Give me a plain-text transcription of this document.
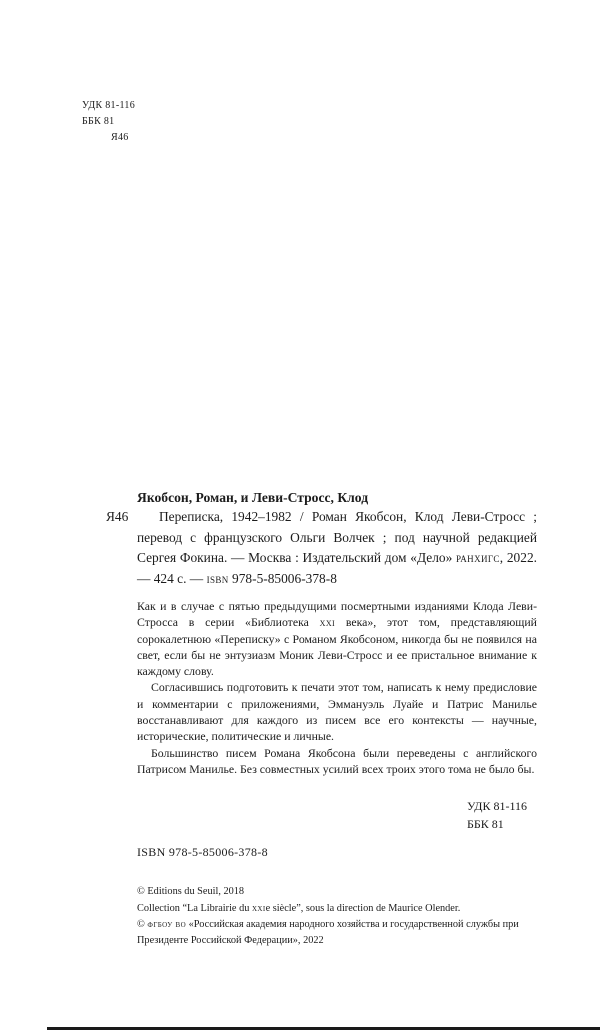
УДК 81-116
ББК 81
Я46

Якобсон, Роман, и Леви-Стросс, Клод

Я46 Переписка, 1942–1982 / Роман Якобсон, Клод Леви-Стросс ; перевод с французского Ольги Волчек ; под научной редакцией Сергея Фокина. — Москва : Издательский дом «Дело» ранхигс, 2022. — 424 с. — isbn 978-5-85006-378-8

Как и в случае с пятью предыдущими посмертными изданиями Клода Леви-Стросса в серии «Библиотека xxi века», этот том, представляющий сорокалетнюю «Переписку» с Романом Якобсоном, никогда бы не появился на свет, если бы не энтузиазм Моник Леви-Стросс и ее пристальное внимание к каждому слову.

Согласившись подготовить к печати этот том, написать к нему предисловие и комментарии с приложениями, Эммануэль Луайе и Патрис Манилье восстанавливают для каждого из писем все его контексты — научные, исторические, политические и личные.

Большинство писем Романа Якобсона были переведены с английского Патрисом Манилье. Без совместных усилий всех троих этого тома не было бы.

УДК 81-116
ББК 81
ISBN 978-5-85006-378-8
© Editions du Seuil, 2018
Collection “La Librairie du xxie siècle”, sous la direction de Maurice Olender.
© фгбоу во «Российская академия народного хозяйства и государственной службы при Президенте Российской Федерации», 2022
